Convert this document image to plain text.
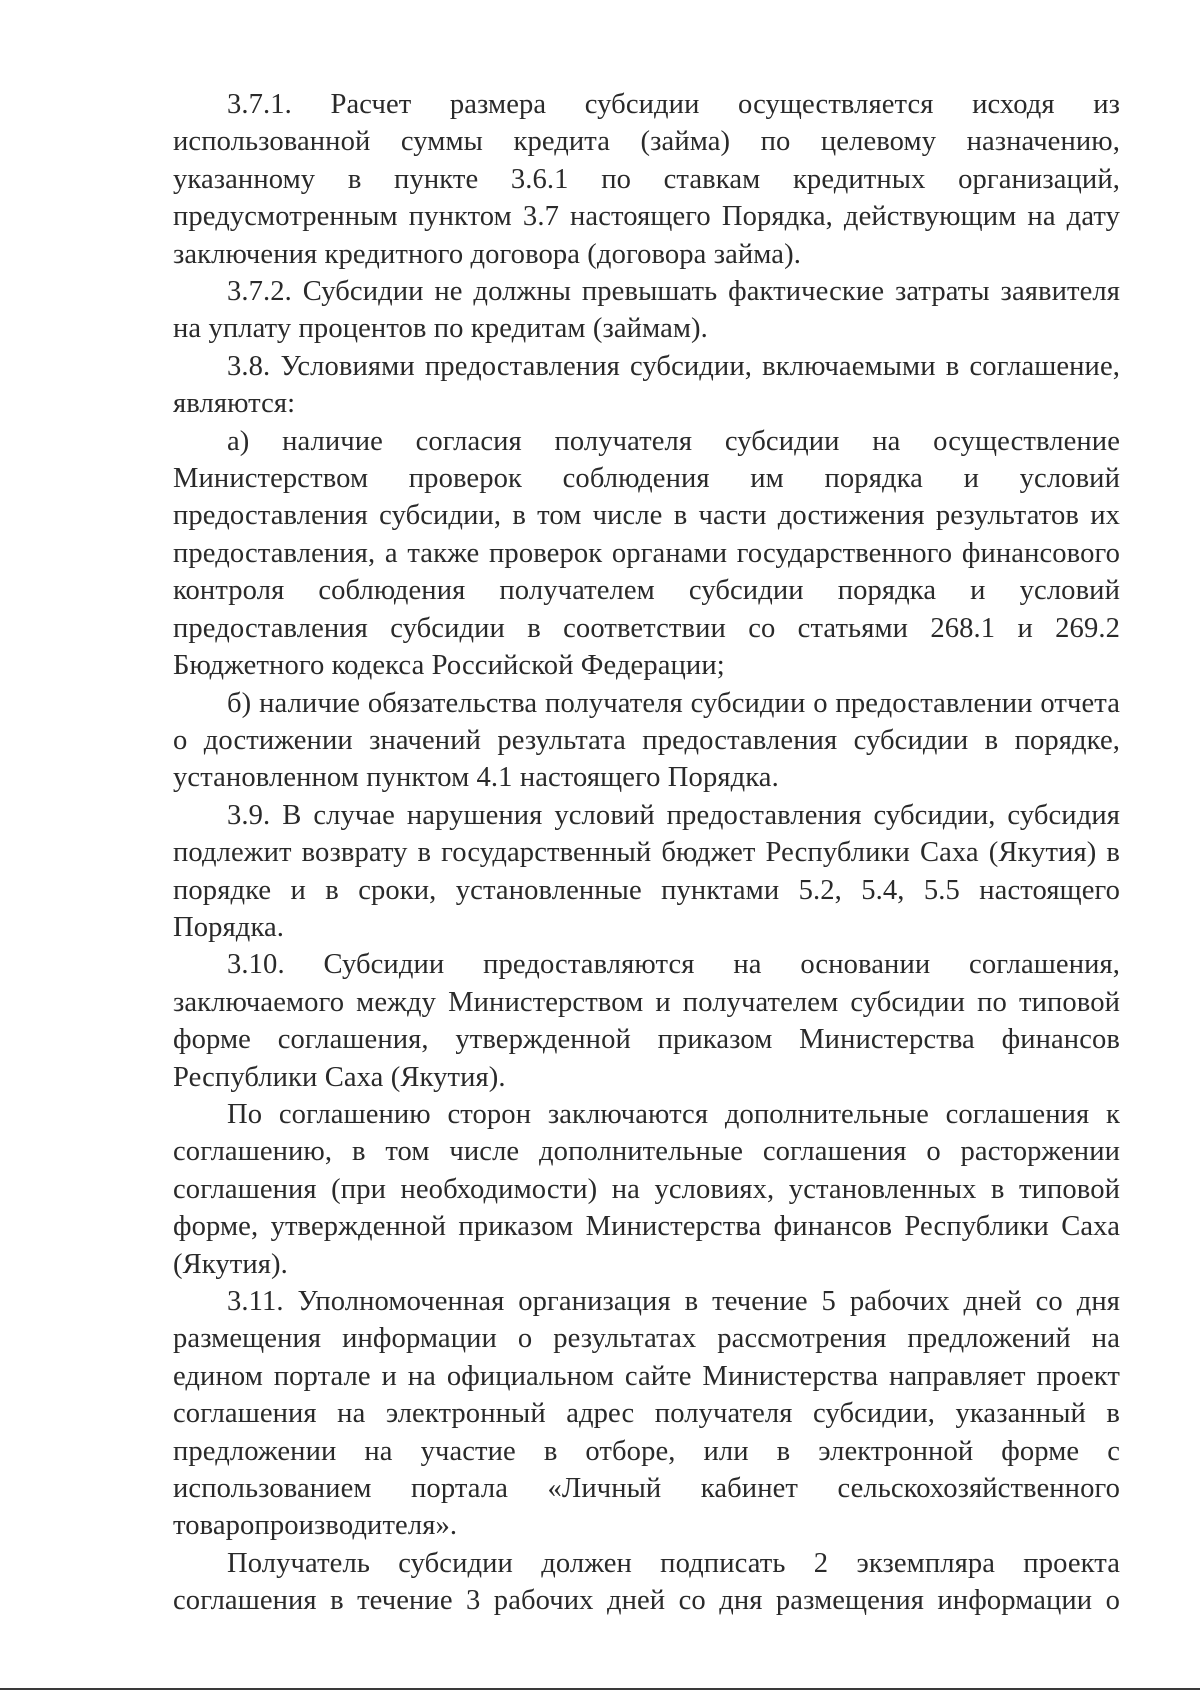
3.7.1. Расчет размера субсидии осуществляется исходя из использованной суммы кредита (займа) по целевому назначению, указанному в пункте 3.6.1 по ставкам кредитных организаций, предусмотренным пунктом 3.7 настоящего Порядка, действующим на дату заключения кредитного договора (договора займа).

3.7.2. Субсидии не должны превышать фактические затраты заявителя на уплату процентов по кредитам (займам).

3.8. Условиями предоставления субсидии, включаемыми в соглашение, являются:

а) наличие согласия получателя субсидии на осуществление Министерством проверок соблюдения им порядка и условий предоставления субсидии, в том числе в части достижения результатов их предоставления, а также проверок органами государственного финансового контроля соблюдения получателем субсидии порядка и условий предоставления субсидии в соответствии со статьями 268.1 и 269.2 Бюджетного кодекса Российской Федерации;

б) наличие обязательства получателя субсидии о предоставлении отчета о достижении значений результата предоставления субсидии в порядке, установленном пунктом 4.1 настоящего Порядка.

3.9. В случае нарушения условий предоставления субсидии, субсидия подлежит возврату в государственный бюджет Республики Саха (Якутия) в порядке и в сроки, установленные пунктами 5.2, 5.4, 5.5 настоящего Порядка.

3.10. Субсидии предоставляются на основании соглашения, заключаемого между Министерством и получателем субсидии по типовой форме соглашения, утвержденной приказом Министерства финансов Республики Саха (Якутия).

По соглашению сторон заключаются дополнительные соглашения к соглашению, в том числе дополнительные соглашения о расторжении соглашения (при необходимости) на условиях, установленных в типовой форме, утвержденной приказом Министерства финансов Республики Саха (Якутия).

3.11. Уполномоченная организация в течение 5 рабочих дней со дня размещения информации о результатах рассмотрения предложений на едином портале и на официальном сайте Министерства направляет проект соглашения на электронный адрес получателя субсидии, указанный в предложении на участие в отборе, или в электронной форме с использованием портала «Личный кабинет сельскохозяйственного товаропроизводителя».

Получатель субсидии должен подписать 2 экземпляра проекта соглашения в течение 3 рабочих дней со дня размещения информации о
